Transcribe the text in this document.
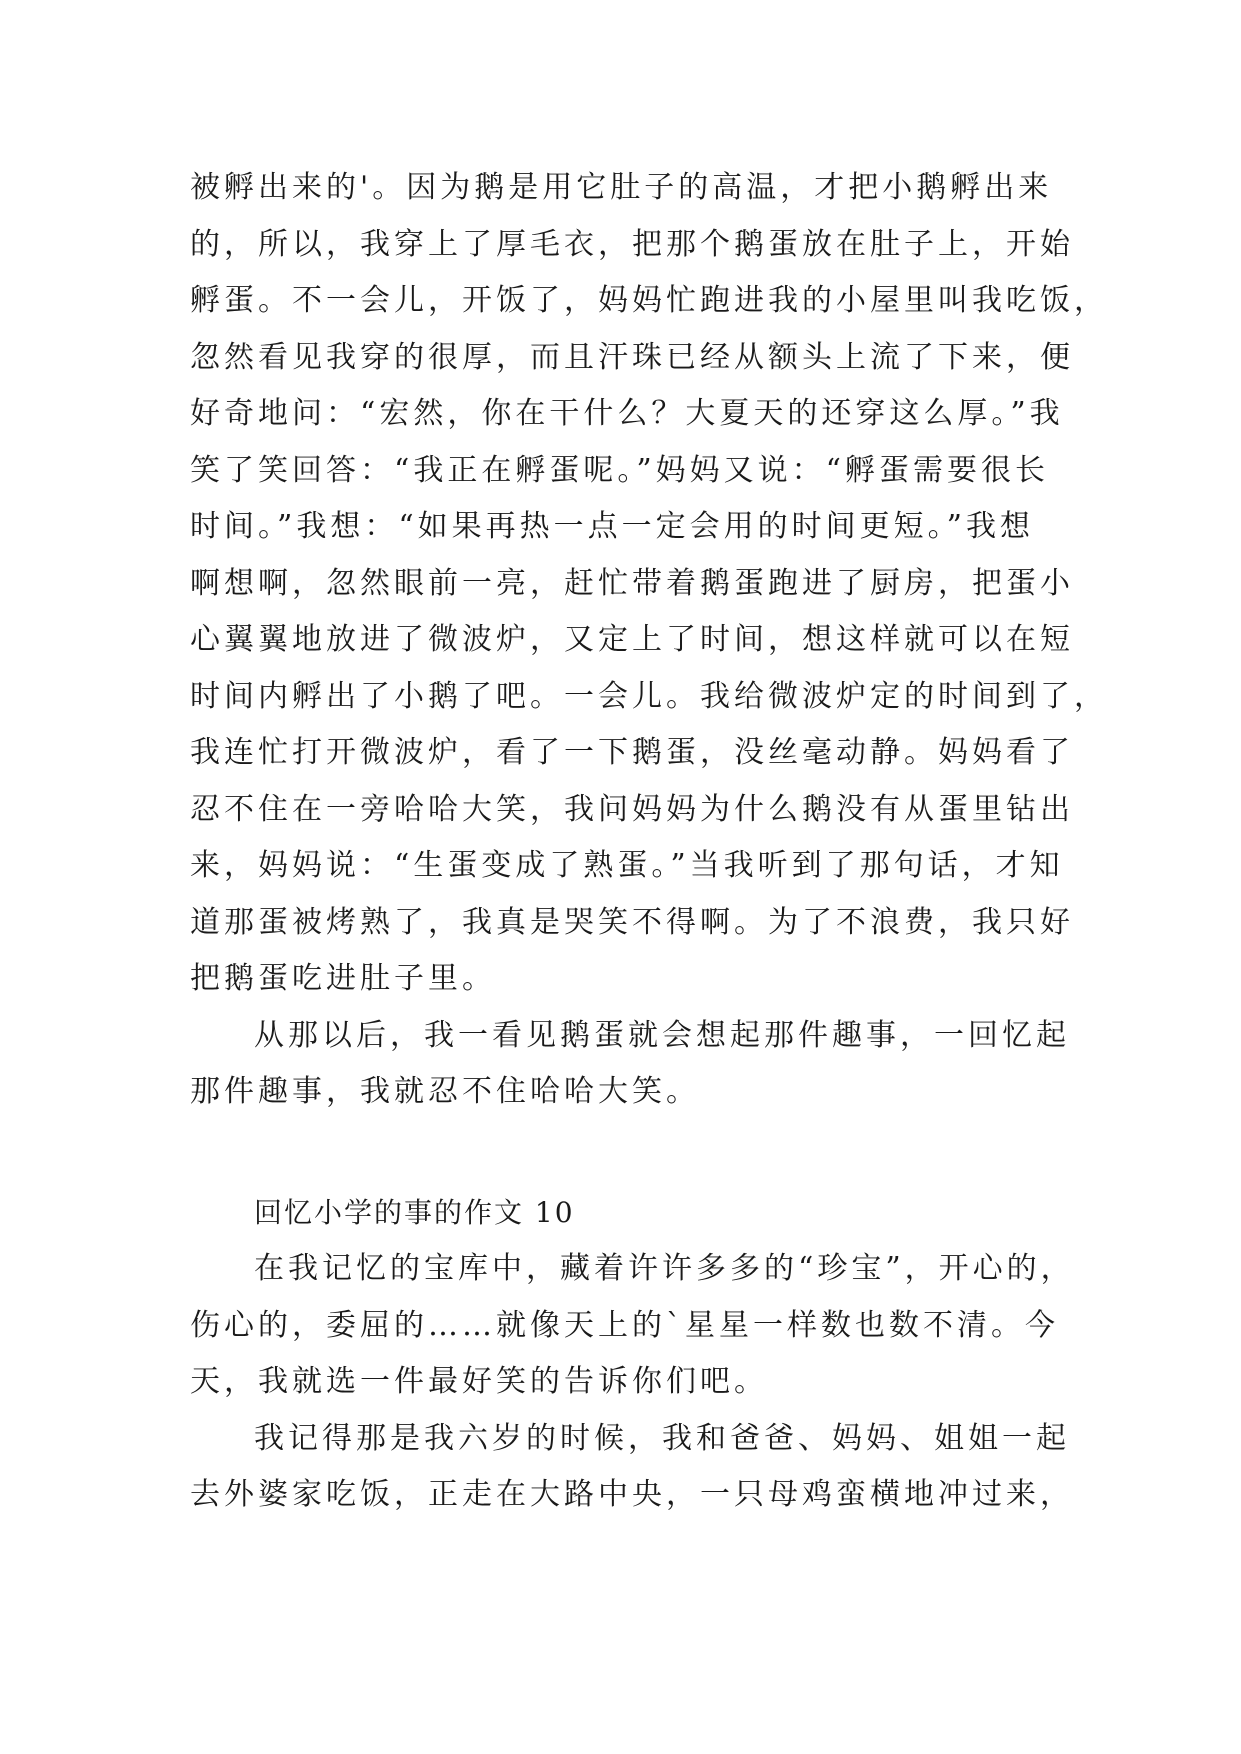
被孵出来的'。因为鹅是用它肚子的高温，才把小鹅孵出来
的，所以，我穿上了厚毛衣，把那个鹅蛋放在肚子上，开始
孵蛋。不一会儿，开饭了，妈妈忙跑进我的小屋里叫我吃饭，
忽然看见我穿的很厚，而且汗珠已经从额头上流了下来，便
好奇地问：“宏然，你在干什么？大夏天的还穿这么厚。”我
笑了笑回答：“我正在孵蛋呢。”妈妈又说：“孵蛋需要很长
时间。”我想：“如果再热一点一定会用的时间更短。”我想
啊想啊，忽然眼前一亮，赶忙带着鹅蛋跑进了厨房，把蛋小
心翼翼地放进了微波炉，又定上了时间，想这样就可以在短
时间内孵出了小鹅了吧。一会儿。我给微波炉定的时间到了，
我连忙打开微波炉，看了一下鹅蛋，没丝毫动静。妈妈看了
忍不住在一旁哈哈大笑，我问妈妈为什么鹅没有从蛋里钻出
来，妈妈说：“生蛋变成了熟蛋。”当我听到了那句话，才知
道那蛋被烤熟了，我真是哭笑不得啊。为了不浪费，我只好
把鹅蛋吃进肚子里。
从那以后，我一看见鹅蛋就会想起那件趣事，一回忆起
那件趣事，我就忍不住哈哈大笑。
回忆小学的事的作文 10
在我记忆的宝库中，藏着许许多多的“珍宝”，开心的，
伤心的，委屈的……就像天上的`星星一样数也数不清。今
天，我就选一件最好笑的告诉你们吧。
我记得那是我六岁的时候，我和爸爸、妈妈、姐姐一起
去外婆家吃饭，正走在大路中央，一只母鸡蛮横地冲过来，
